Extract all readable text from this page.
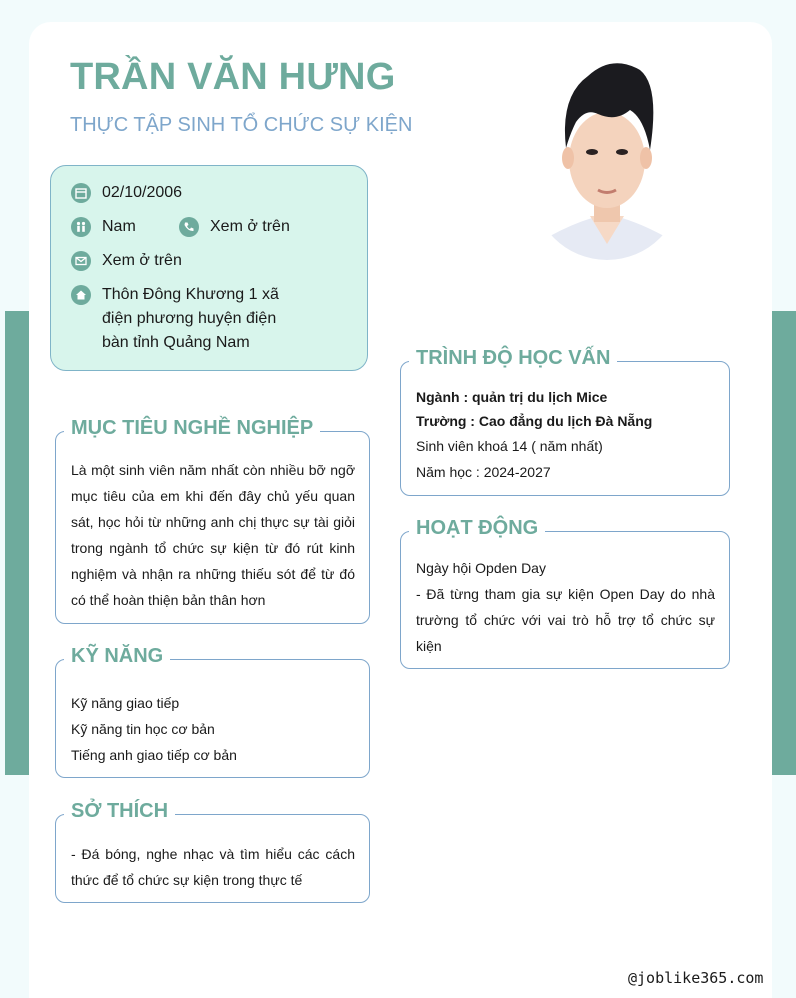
TRẦN VĂN HƯNG
THỰC TẬP SINH TỔ CHỨC SỰ KIỆN
02/10/2006
Nam	Xem ở trên
Xem ở trên
Thôn Đông Khương 1 xã điện phương huyện điện bàn tỉnh Quảng Nam
MỤC TIÊU NGHỀ NGHIỆP
Là một sinh viên năm nhất còn nhiều bỡ ngỡ mục tiêu của em khi đến đây chủ yếu quan sát, học hỏi từ những anh chị thực sự tài giỏi trong ngành tổ chức sự kiện từ đó rút kinh nghiệm và nhận ra những thiếu sót để từ đó có thể hoàn thiện bản thân hơn
KỸ NĂNG
Kỹ năng giao tiếp
Kỹ năng tin học cơ bản
Tiếng anh giao tiếp cơ bản
SỞ THÍCH
- Đá bóng, nghe nhạc và tìm hiểu các cách thức để tổ chức sự kiện trong thực tế
TRÌNH ĐỘ HỌC VẤN
Ngành : quản trị du lịch Mice
Trường : Cao đẳng du lịch Đà Nẵng
Sinh viên khoá 14 ( năm nhất)
Năm học : 2024-2027
HOẠT ĐỘNG
Ngày hội Opden Day
- Đã từng tham gia sự kiện Open Day do nhà trường tổ chức với vai trò hỗ trợ tổ chức sự kiện
@joblike365.com
